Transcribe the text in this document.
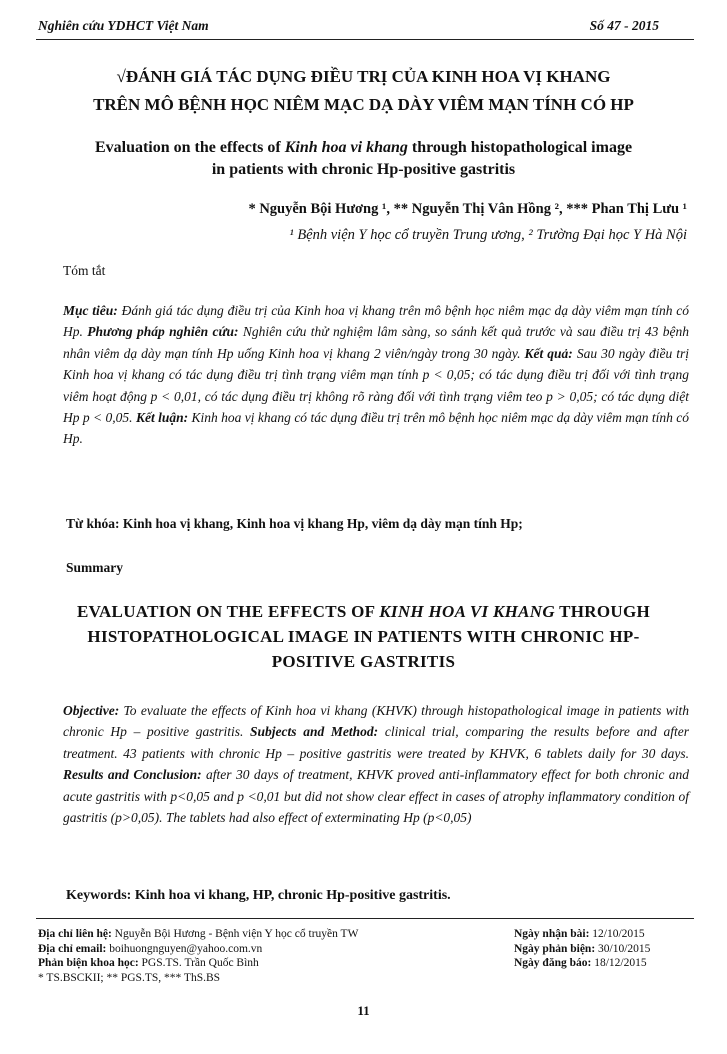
Nghiên cứu YDHCT Việt Nam	Số 47 - 2015
√ĐÁNH GIÁ TÁC DỤNG ĐIỀU TRỊ CỦA KINH HOA VỊ KHANG
TRÊN MÔ BỆNH HỌC NIÊM MẠC DẠ DÀY VIÊM MẠN TÍNH CÓ HP
Evaluation on the effects of Kinh hoa vi khang through histopathological image
in patients with chronic Hp-positive gastritis
* Nguyễn Bội Hương ¹, ** Nguyễn Thị Vân Hồng ², *** Phan Thị Lưu ¹
¹ Bệnh viện Y học cổ truyền Trung ương, ² Trường Đại học Y Hà Nội
Tóm tắt
Mục tiêu: Đánh giá tác dụng điều trị của Kinh hoa vị khang trên mô bệnh học niêm mạc dạ dày viêm mạn tính có Hp. Phương pháp nghiên cứu: Nghiên cứu thử nghiệm lâm sàng, so sánh kết quả trước và sau điều trị 43 bệnh nhân viêm dạ dày mạn tính Hp uống Kinh hoa vị khang 2 viên/ngày trong 30 ngày. Kết quả: Sau 30 ngày điều trị Kinh hoa vị khang có tác dụng điều trị tình trạng viêm mạn tính p < 0,05; có tác dụng điều trị đối với tình trạng viêm hoạt động p < 0,01, có tác dụng điều trị không rõ ràng đối với tình trạng viêm teo p > 0,05; có tác dụng diệt Hp p < 0,05. Kết luận: Kinh hoa vị khang có tác dụng điều trị trên mô bệnh học niêm mạc dạ dày viêm mạn tính có Hp.
Từ khóa: Kinh hoa vị khang, Kinh hoa vị khang Hp, viêm dạ dày mạn tính Hp;
Summary
EVALUATION ON THE EFFECTS OF KINH HOA VI KHANG THROUGH
HISTOPATHOLOGICAL IMAGE IN PATIENTS WITH CHRONIC HP-
POSITIVE GASTRITIS
Objective: To evaluate the effects of Kinh hoa vi khang (KHVK) through histopathological image in patients with chronic Hp – positive gastritis. Subjects and Method: clinical trial, comparing the results before and after treatment. 43 patients with chronic Hp – positive gastritis were treated by KHVK, 6 tablets daily for 30 days. Results and Conclusion: after 30 days of treatment, KHVK proved anti-inflammatory effect for both chronic and acute gastritis with p<0,05 and p <0,01 but did not show clear effect in cases of atrophy inflammatory condition of gastritis (p>0,05). The tablets had also effect of exterminating Hp (p<0,05)
Keywords: Kinh hoa vi khang, HP, chronic Hp-positive gastritis.
Địa chỉ liên hệ: Nguyễn Bội Hương - Bệnh viện Y học cổ truyền TW
Địa chỉ email: boihuongnguyen@yahoo.com.vn
Phản biện khoa học: PGS.TS. Trần Quốc Bình
* TS.BSCKII; ** PGS.TS, *** ThS.BS
Ngày nhận bài: 12/10/2015
Ngày phản biện: 30/10/2015
Ngày đăng báo: 18/12/2015
11
